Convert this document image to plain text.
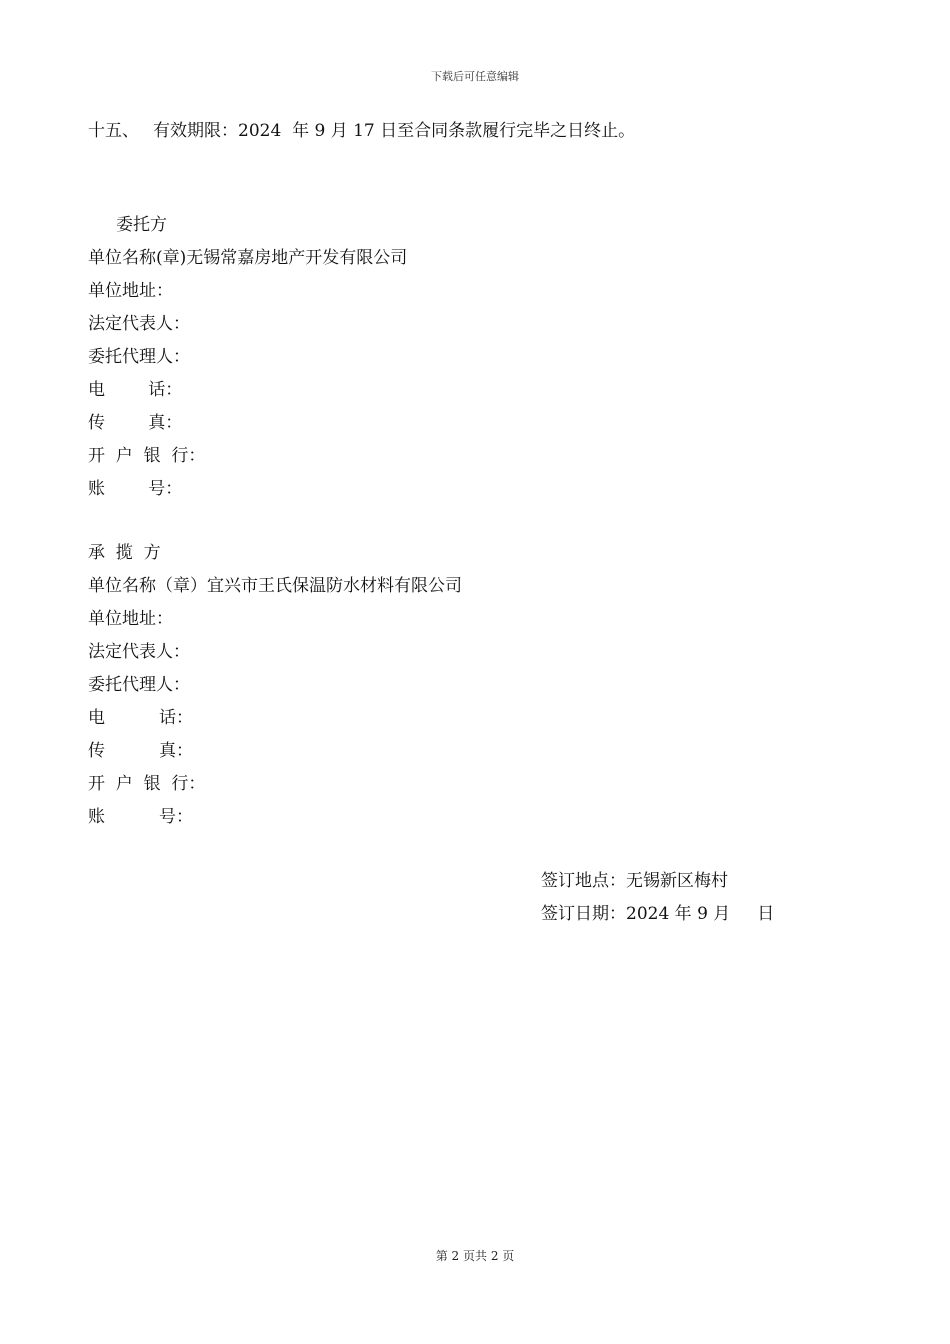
下载后可任意编辑
十五、 有效期限：2024  年 9 月 17 日至合同条款履行完毕之日终止。
委托方
单位名称(章)无锡常嘉房地产开发有限公司
单位地址：
法定代表人：
委托代理人：
电        话：
传        真：
开  户  银  行：
账        号：
承  揽  方
单位名称（章）宜兴市王氏保温防水材料有限公司
单位地址：
法定代表人：
委托代理人：
电          话：
传          真：
开  户  银  行：
账          号：
签订地点：无锡新区梅村
签订日期：2024 年 9 月     日
第 2 页共 2 页
